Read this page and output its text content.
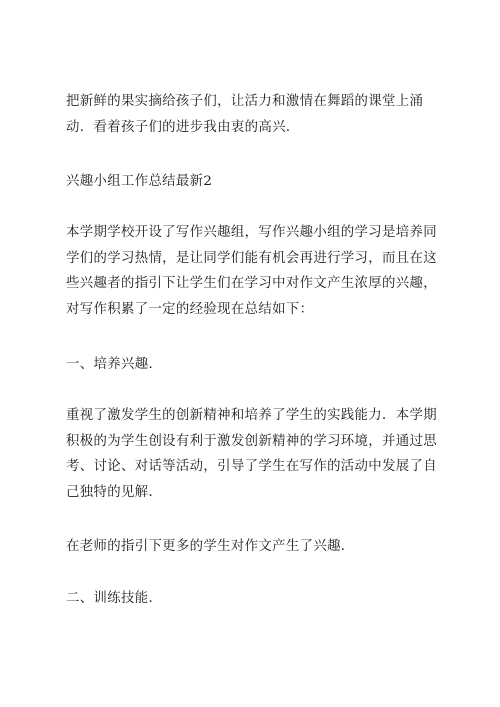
把新鲜的果实摘给孩子们，让活力和激情在舞蹈的课堂上涌动．看着孩子们的进步我由衷的高兴．

兴趣小组工作总结最新2

本学期学校开设了写作兴趣组，写作兴趣小组的学习是培养同学们的学习热情，是让同学们能有机会再进行学习，而且在这些兴趣者的指引下让学生们在学习中对作文产生浓厚的兴趣，对写作积累了一定的经验现在总结如下：

一、培养兴趣．

重视了激发学生的创新精神和培养了学生的实践能力．本学期积极的为学生创设有利于激发创新精神的学习环境，并通过思考、讨论、对话等活动，引导了学生在写作的活动中发展了自己独特的见解．

在老师的指引下更多的学生对作文产生了兴趣．

二、训练技能．
